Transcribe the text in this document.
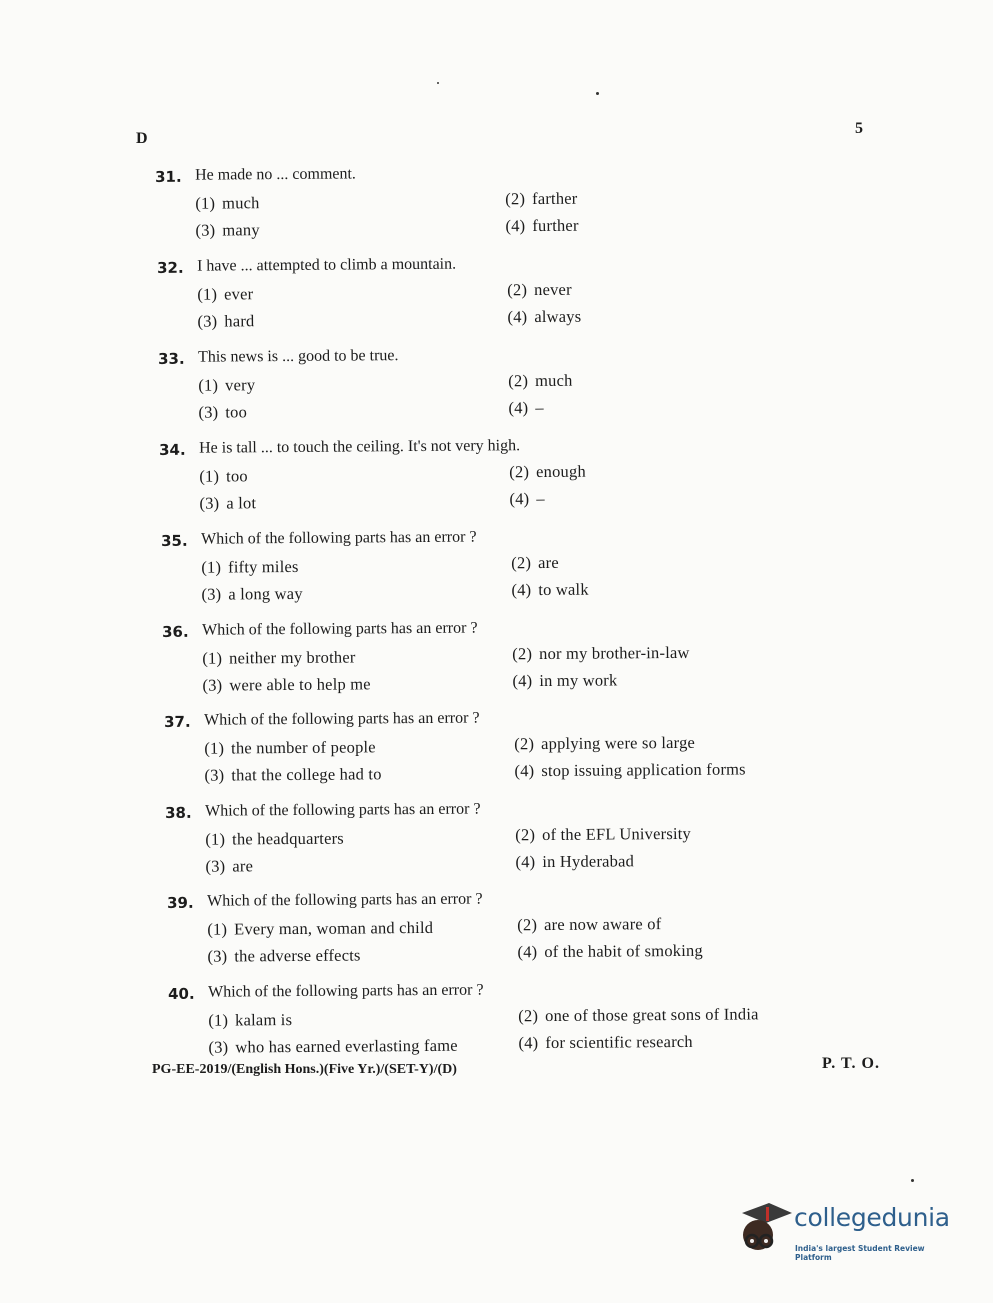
D
5
31. He made no ... comment.
(1) much	(2) farther
(3) many	(4) further
32. I have ... attempted to climb a mountain.
(1) ever	(2) never
(3) hard	(4) always
33. This news is ... good to be true.
(1) very	(2) much
(3) too	(4) –
34. He is tall ... to touch the ceiling. It's not very high.
(1) too	(2) enough
(3) a lot	(4) –
35. Which of the following parts has an error ?
(1) fifty miles	(2) are
(3) a long way	(4) to walk
36. Which of the following parts has an error ?
(1) neither my brother	(2) nor my brother-in-law
(3) were able to help me	(4) in my work
37. Which of the following parts has an error ?
(1) the number of people	(2) applying were so large
(3) that the college had to	(4) stop issuing application forms
38. Which of the following parts has an error ?
(1) the headquarters	(2) of the EFL University
(3) are	(4) in Hyderabad
39. Which of the following parts has an error ?
(1) Every man, woman and child	(2) are now aware of
(3) the adverse effects	(4) of the habit of smoking
40. Which of the following parts has an error ?
(1) kalam is	(2) one of those great sons of India
(3) who has earned everlasting fame	(4) for scientific research
PG-EE-2019/(English Hons.)(Five Yr.)/(SET-Y)/(D)	P. T. O.
collegedunia
India's largest Student Review Platform
